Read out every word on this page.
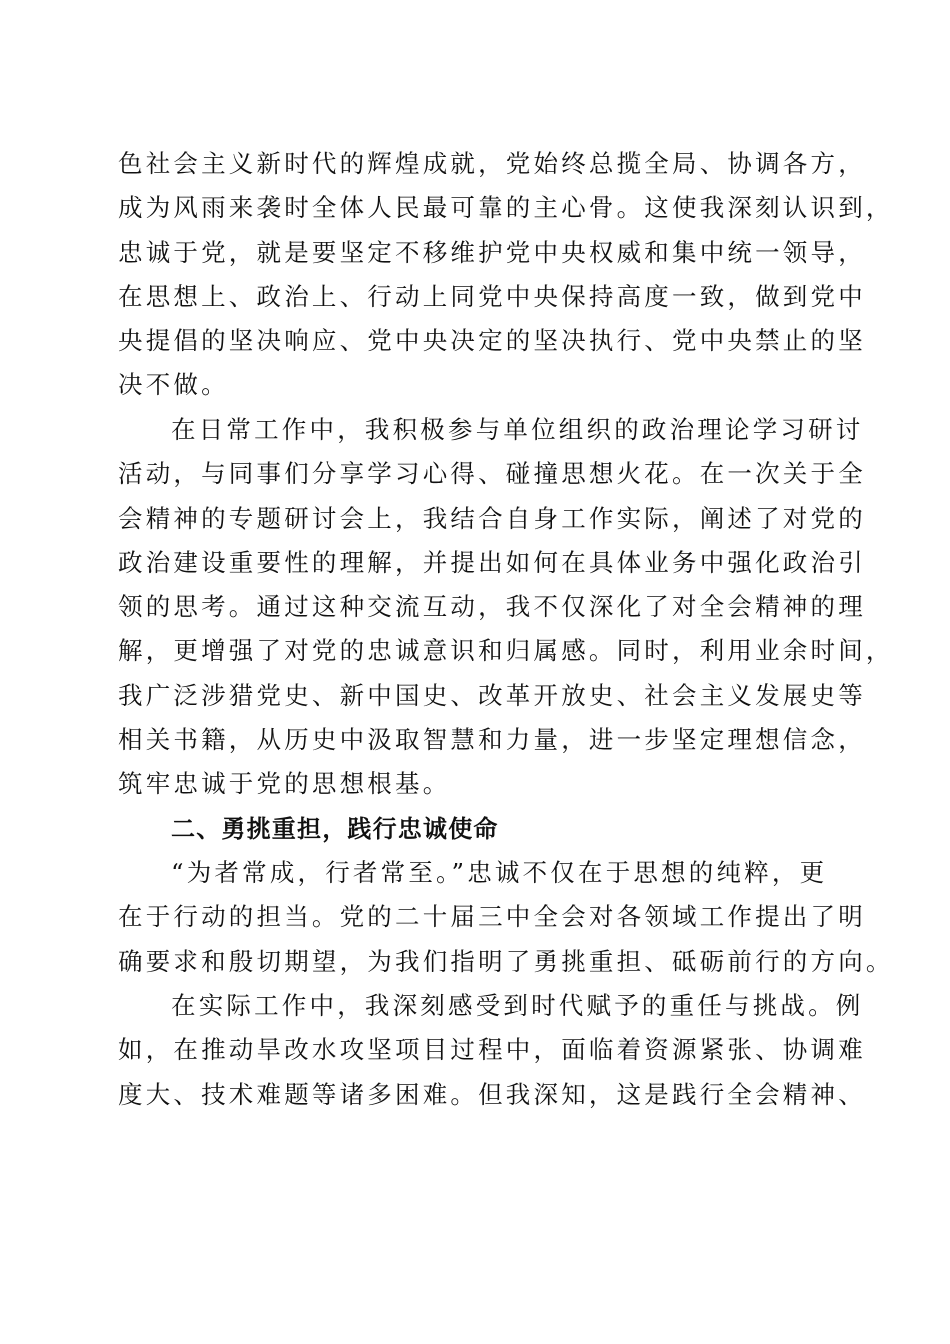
色社会主义新时代的辉煌成就，党始终总揽全局、协调各方，
成为风雨来袭时全体人民最可靠的主心骨。这使我深刻认识到，
忠诚于党，就是要坚定不移维护党中央权威和集中统一领导，
在思想上、政治上、行动上同党中央保持高度一致，做到党中
央提倡的坚决响应、党中央决定的坚决执行、党中央禁止的坚
决不做。
在日常工作中，我积极参与单位组织的政治理论学习研讨
活动，与同事们分享学习心得、碰撞思想火花。在一次关于全
会精神的专题研讨会上，我结合自身工作实际，阐述了对党的
政治建设重要性的理解，并提出如何在具体业务中强化政治引
领的思考。通过这种交流互动，我不仅深化了对全会精神的理
解，更增强了对党的忠诚意识和归属感。同时，利用业余时间，
我广泛涉猎党史、新中国史、改革开放史、社会主义发展史等
相关书籍，从历史中汲取智慧和力量，进一步坚定理想信念，
筑牢忠诚于党的思想根基。
二、勇挑重担，践行忠诚使命
“为者常成，行者常至。”忠诚不仅在于思想的纯粹，更
在于行动的担当。党的二十届三中全会对各领域工作提出了明
确要求和殷切期望，为我们指明了勇挑重担、砥砺前行的方向。
在实际工作中，我深刻感受到时代赋予的重任与挑战。例
如，在推动旱改水攻坚项目过程中，面临着资源紧张、协调难
度大、技术难题等诸多困难。但我深知，这是践行全会精神、
